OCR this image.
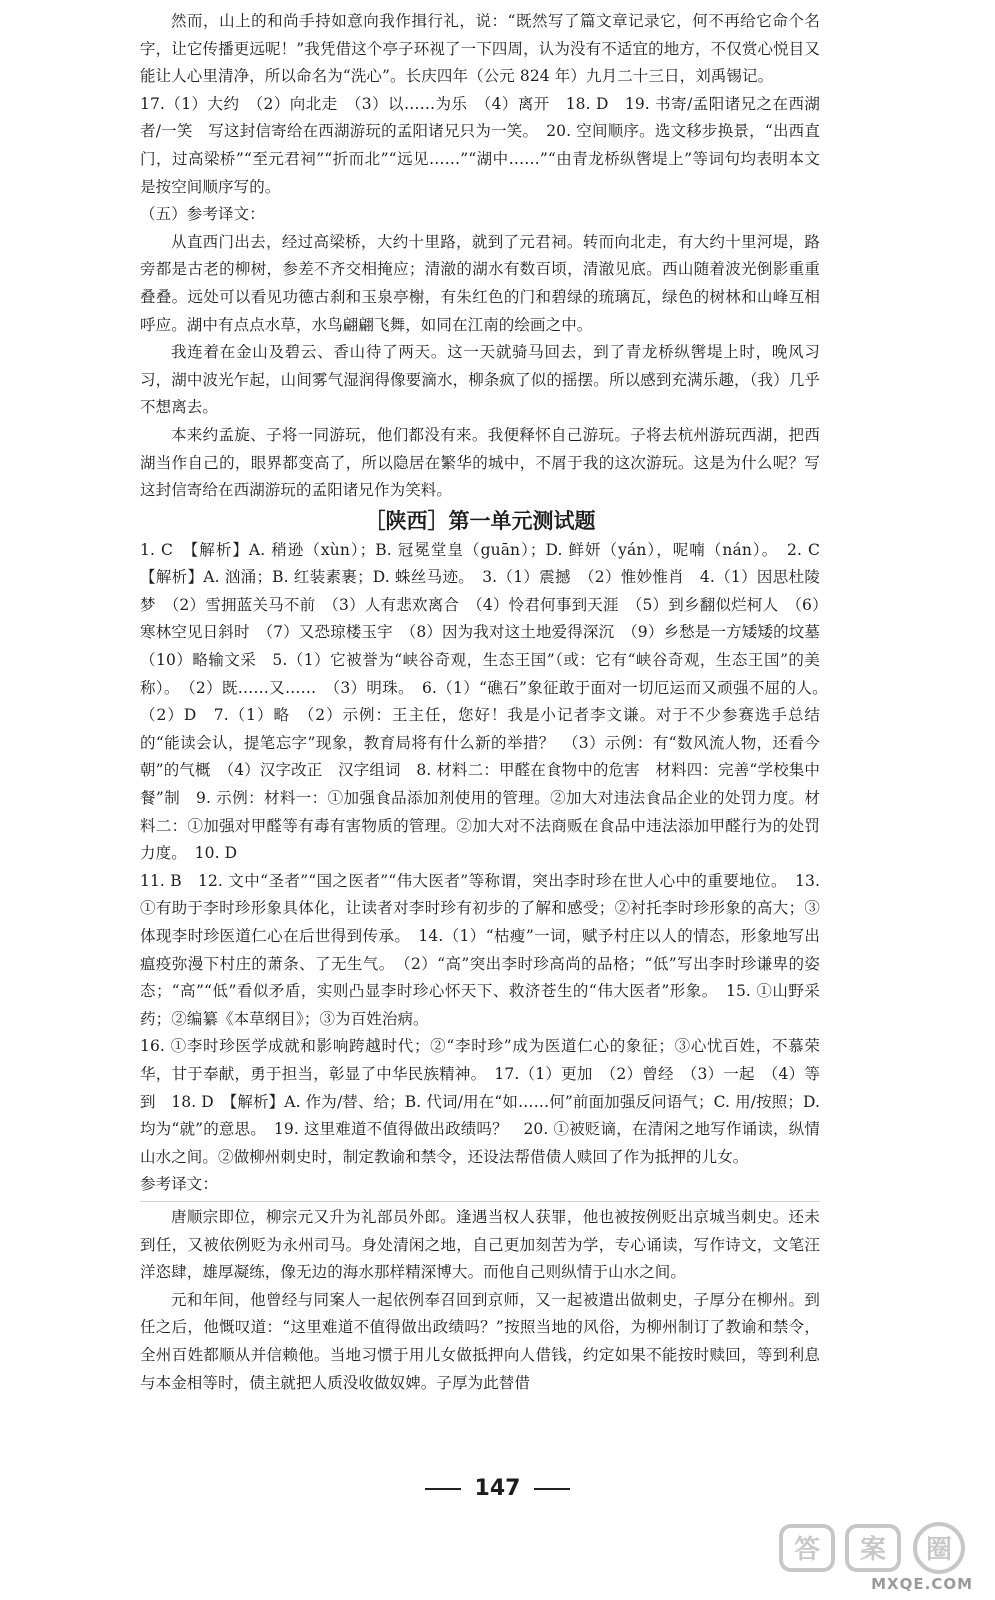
然而，山上的和尚手持如意向我作揖行礼，说：“既然写了篇文章记录它，何不再给它命个名字，让它传播更远呢！”我凭借这个亭子环视了一下四周，认为没有不适宜的地方，不仅赏心悦目又能让人心里清净，所以命名为“洗心”。长庆四年（公元 824 年）九月二十三日，刘禹锡记。

17.（1）大约　（2）向北走　（3）以……为乐　（4）离开　18. D　19. 书寄/孟阳诸兄之在西湖者/一笑　写这封信寄给在西湖游玩的孟阳诸兄只为一笑。　20. 空间顺序。选文移步换景，“出西直门，过高梁桥”“至元君祠”“折而北”“远见……”“湖中……”“由青龙桥纵辔堤上”等词句均表明本文是按空间顺序写的。

（五）参考译文：

从直西门出去，经过高梁桥，大约十里路，就到了元君祠。转而向北走，有大约十里河堤，路旁都是古老的柳树，参差不齐交相掩应；清澈的湖水有数百顷，清澈见底。西山随着波光倒影重重叠叠。远处可以看见功德古刹和玉泉亭榭，有朱红色的门和碧绿的琉璃瓦，绿色的树林和山峰互相呼应。湖中有点点水草，水鸟翩翩飞舞，如同在江南的绘画之中。

我连着在金山及碧云、香山待了两天。这一天就骑马回去，到了青龙桥纵辔堤上时，晚风习习，湖中波光乍起，山间雾气湿润得像要滴水，柳条疯了似的摇摆。所以感到充满乐趣，（我）几乎不想离去。

本来约孟旋、子将一同游玩，他们都没有来。我便释怀自己游玩。子将去杭州游玩西湖，把西湖当作自己的，眼界都变高了，所以隐居在繁华的城中，不屑于我的这次游玩。这是为什么呢？写这封信寄给在西湖游玩的孟阳诸兄作为笑料。

［陕西］第一单元测试题

1. C　【解析】A. 稍逊（xùn）；B. 冠冕堂皇（guān）；D. 鲜妍（yán），呢喃（nán）。　2. C　【解析】A. 汹涌；B. 红装素裹；D. 蛛丝马迹。　3.（1）震撼　（2）惟妙惟肖　4.（1）因思杜陵梦　（2）雪拥蓝关马不前　（3）人有悲欢离合　（4）怜君何事到天涯　（5）到乡翻似烂柯人　（6）寒林空见日斜时　（7）又恐琼楼玉宇　（8）因为我对这土地爱得深沉　（9）乡愁是一方矮矮的坟墓　（10）略输文采　5.（1）它被誉为“峡谷奇观，生态王国”（或：它有“峡谷奇观，生态王国”的美称）。　（2）既……又……　（3）明珠。　6.（1）“礁石”象征敢于面对一切厄运而又顽强不屈的人。　（2）D　7.（1）略　（2）示例：王主任，您好！我是小记者李文谦。对于不少参赛选手总结的“能读会认，提笔忘字”现象，教育局将有什么新的举措？　（3）示例：有“数风流人物，还看今朝”的气概　（4）汉字改正　汉字组词　8. 材料二：甲醛在食物中的危害　材料四：完善“学校集中餐”制　9. 示例：材料一：①加强食品添加剂使用的管理。②加大对违法食品企业的处罚力度。材料二：①加强对甲醛等有毒有害物质的管理。②加大对不法商贩在食品中违法添加甲醛行为的处罚力度。　10. D

11. B　12. 文中“圣者”“国之医者”“伟大医者”等称谓，突出李时珍在世人心中的重要地位。　13. ①有助于李时珍形象具体化，让读者对李时珍有初步的了解和感受；②衬托李时珍形象的高大；③体现李时珍医道仁心在后世得到传承。　14.（1）“枯瘦”一词，赋予村庄以人的情态，形象地写出瘟疫弥漫下村庄的萧条、了无生气。　（2）“高”突出李时珍高尚的品格；“低”写出李时珍谦卑的姿态；“高”“低”看似矛盾，实则凸显李时珍心怀天下、救济苍生的“伟大医者”形象。　15. ①山野采药；②编纂《本草纲目》；③为百姓治病。

16. ①李时珍医学成就和影响跨越时代；②“李时珍”成为医道仁心的象征；③心忧百姓，不慕荣华，甘于奉献，勇于担当，彰显了中华民族精神。　17.（1）更加　（2）曾经　（3）一起　（4）等到　18. D　【解析】A. 作为/替、给；B. 代词/用在“如……何”前面加强反问语气；C. 用/按照；D. 均为“就”的意思。　19. 这里难道不值得做出政绩吗？　20. ①被贬谪，在清闲之地写作诵读，纵情山水之间。②做柳州刺史时，制定教谕和禁令，还设法帮借债人赎回了作为抵押的儿女。

参考译文：

唐顺宗即位，柳宗元又升为礼部员外郎。逢遇当权人获罪，他也被按例贬出京城当刺史。还未到任，又被依例贬为永州司马。身处清闲之地，自己更加刻苦为学，专心诵读，写作诗文，文笔汪洋恣肆，雄厚凝练，像无边的海水那样精深博大。而他自己则纵情于山水之间。

元和年间，他曾经与同案人一起依例奉召回到京师，又一起被遣出做刺史，子厚分在柳州。到任之后，他慨叹道：“这里难道不值得做出政绩吗？”按照当地的风俗，为柳州制订了教谕和禁令，全州百姓都顺从并信赖他。当地习惯于用儿女做抵押向人借钱，约定如果不能按时赎回，等到利息与本金相等时，债主就把人质没收做奴婢。子厚为此替借

147
答 案 圈
MXQE.COM
